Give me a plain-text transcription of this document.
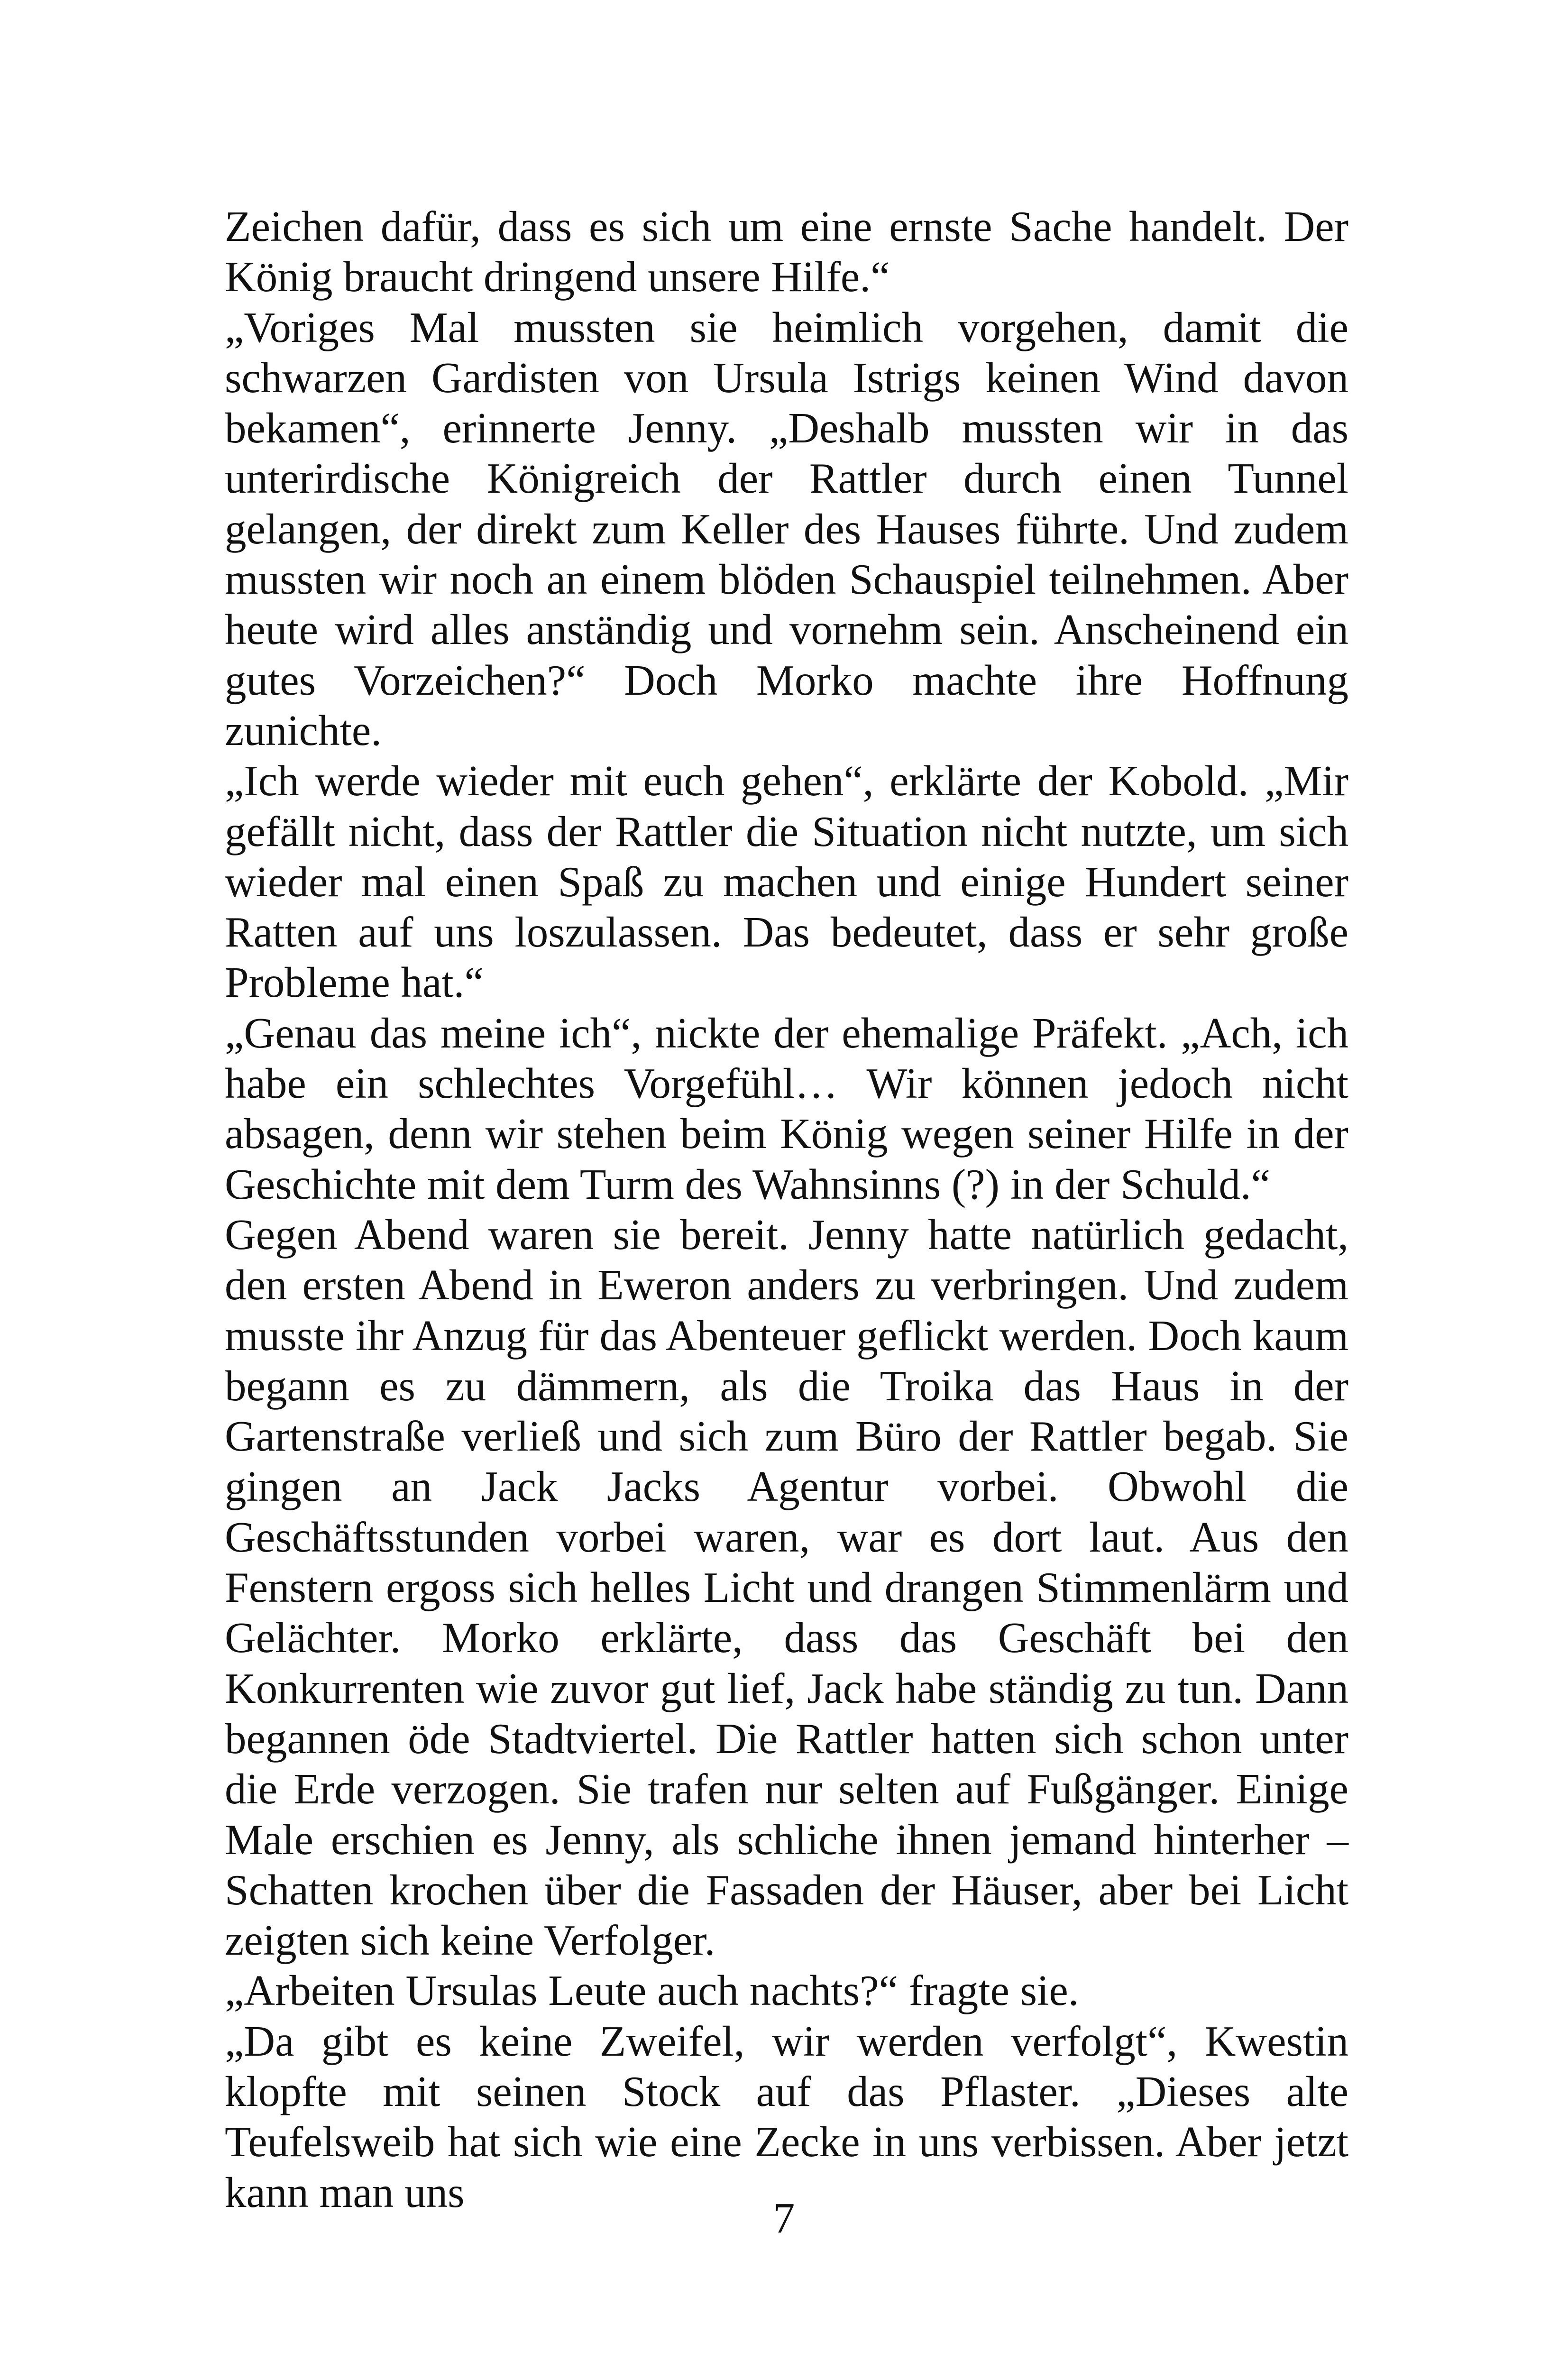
Zeichen dafür, dass es sich um eine ernste Sache handelt. Der König braucht dringend unsere Hilfe.“

„Voriges Mal mussten sie heimlich vorgehen, damit die schwarzen Gardisten von Ursula Istrigs keinen Wind davon bekamen“, erinnerte Jenny. „Deshalb mussten wir in das unterirdische Königreich der Rattler durch einen Tunnel gelangen, der direkt zum Keller des Hauses führte. Und zudem mussten wir noch an einem blöden Schauspiel teilnehmen. Aber heute wird alles anständig und vornehm sein. Anscheinend ein gutes Vorzeichen?“ Doch Morko machte ihre Hoffnung zunichte.

„Ich werde wieder mit euch gehen“, erklärte der Kobold. „Mir gefällt nicht, dass der Rattler die Situation nicht nutzte, um sich wieder mal einen Spaß zu machen und einige Hundert seiner Ratten auf uns loszulassen. Das bedeutet, dass er sehr große Probleme hat.“

„Genau das meine ich“, nickte der ehemalige Präfekt. „Ach, ich habe ein schlechtes Vorgefühl… Wir können jedoch nicht absagen, denn wir stehen beim König wegen seiner Hilfe in der Geschichte mit dem Turm des Wahnsinns (?) in der Schuld.“

Gegen Abend waren sie bereit. Jenny hatte natürlich gedacht, den ersten Abend in Eweron anders zu verbringen. Und zudem musste ihr Anzug für das Abenteuer geflickt werden. Doch kaum begann es zu dämmern, als die Troika das Haus in der Gartenstraße verließ und sich zum Büro der Rattler begab. Sie gingen an Jack Jacks Agentur vorbei. Obwohl die Geschäftsstunden vorbei waren, war es dort laut. Aus den Fenstern ergoss sich helles Licht und drangen Stimmenlärm und Gelächter. Morko erklärte, dass das Geschäft bei den Konkurrenten wie zuvor gut lief, Jack habe ständig zu tun. Dann begannen öde Stadtviertel. Die Rattler hatten sich schon unter die Erde verzogen. Sie trafen nur selten auf Fußgänger. Einige Male erschien es Jenny, als schliche ihnen jemand hinterher – Schatten krochen über die Fassaden der Häuser, aber bei Licht zeigten sich keine Verfolger.

„Arbeiten Ursulas Leute auch nachts?“ fragte sie.

„Da gibt es keine Zweifel, wir werden verfolgt“, Kwestin klopfte mit seinen Stock auf das Pflaster. „Dieses alte Teufelsweib hat sich wie eine Zecke in uns verbissen. Aber jetzt kann man uns

7
